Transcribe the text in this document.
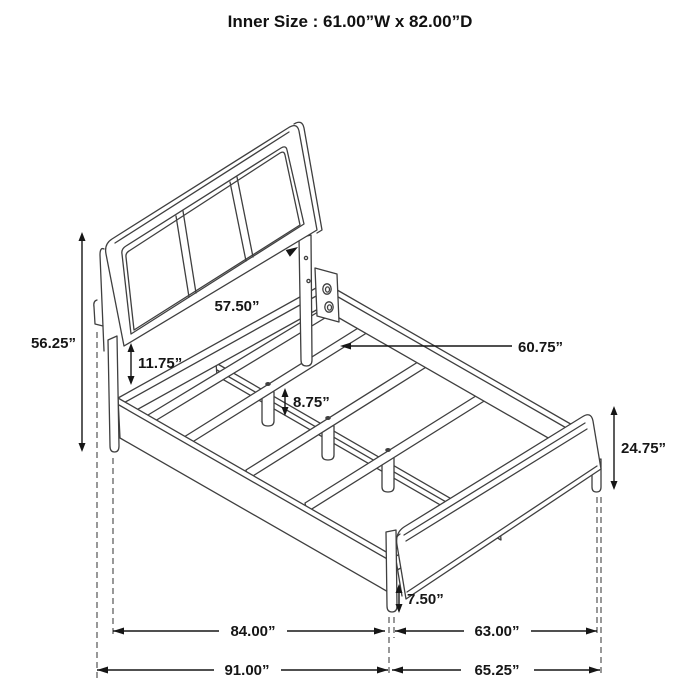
Inner Size : 61.00”W x 82.00”D
56.25”
11.75”
57.50”
60.75”
8.75”
24.75”
7.50”
84.00”	63.00”
91.00”	65.25”
